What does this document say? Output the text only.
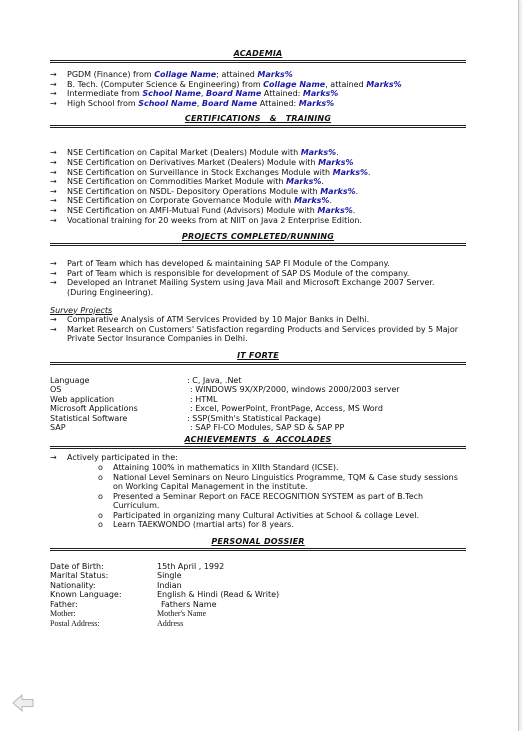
ACADEMIA
→	PGDM (Finance) from Collage Name; attained Marks%
→	B. Tech. (Computer Science & Engineering) from Collage Name, attained Marks%
→	Intermediate from School Name, Board Name Attained: Marks%
→	High School from School Name, Board Name Attained: Marks%
CERTIFICATIONS   &   TRAINING
→	NSE Certification on Capital Market (Dealers) Module with Marks%.
→	NSE Certification on Derivatives Market (Dealers) Module with Marks%
→	NSE Certification on Surveillance in Stock Exchanges Module with Marks%.
→	NSE Certification on Commodities Market Module with Marks%.
→	NSE Certification on NSDL- Depository Operations Module with Marks%.
→	NSE Certification on Corporate Governance Module with Marks%.
→	NSE Certification on AMFI-Mutual Fund (Advisors) Module with Marks%.
→	Vocational training for 20 weeks from at NIIT on Java 2 Enterprise Edition.
PROJECTS COMPLETED/RUNNING
→	Part of Team which has developed & maintaining SAP FI Module of the Company.
→	Part of Team which is responsible for development of SAP DS Module of the company.
→	Developed an Intranet Mailing System using Java Mail and Microsoft Exchange 2007 Server. (During Engineering).
Survey Projects
→	Comparative Analysis of ATM Services Provided by 10 Major Banks in Delhi.
→	Market Research on Customers' Satisfaction regarding Products and Services provided by 5 Major Private Sector Insurance Companies in Delhi.
IT FORTE
Language	: C, Java, .Net
OS	: WINDOWS 9X/XP/2000, windows 2000/2003 server
Web application	: HTML
Microsoft Applications	: Excel, PowerPoint, FrontPage, Access, MS Word
Statistical Software	: SSP(Smith's Statistical Package)
SAP	: SAP FI-CO Modules, SAP SD & SAP PP
ACHIEVEMENTS  &  ACCOLADES
→	Actively participated in the:
o Attaining 100% in mathematics in XIIth Standard (ICSE).
o National Level Seminars on Neuro Linguistics Programme, TQM & Case study sessions on Working Capital Management in the institute.
o Presented a Seminar Report on FACE RECOGNITION SYSTEM as part of B.Tech Curriculum.
o Participated in organizing many Cultural Activities at School & collage Level.
o Learn TAEKWONDO (martial arts) for 8 years.
PERSONAL DOSSIER
Date of Birth:	15th April , 1992
Marital Status:	Single
Nationality:	Indian
Known Language:	English & Hindi (Read & Write)
Father:	Fathers Name
Mother:	Mother's Name
Postal Address:	Address
